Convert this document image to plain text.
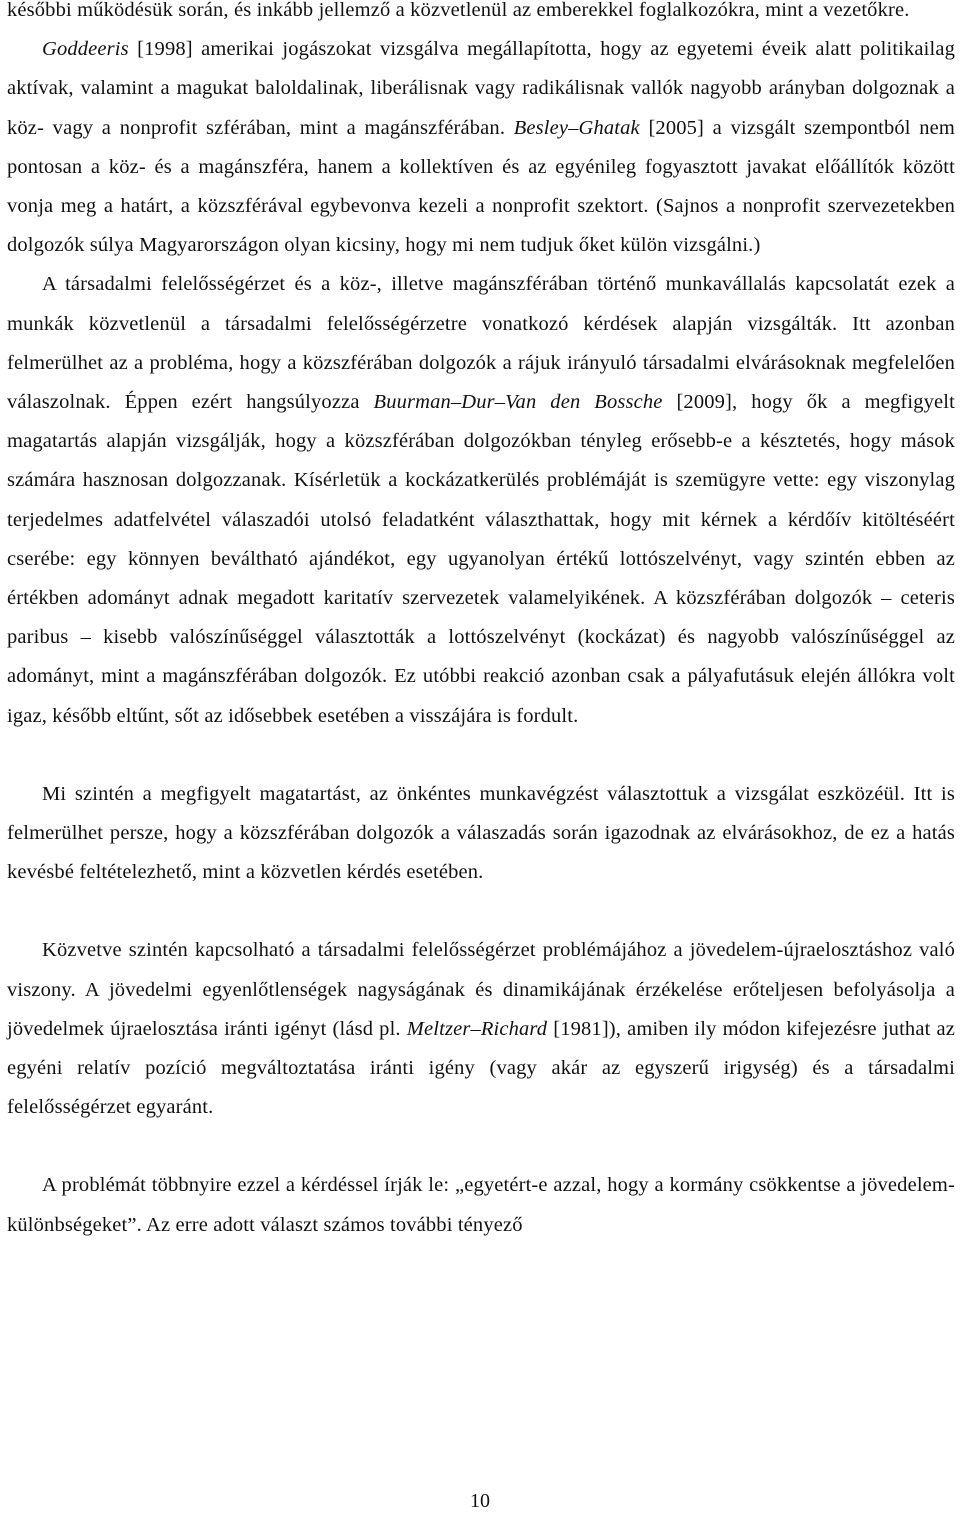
későbbi működésük során, és inkább jellemző a közvetlenül az emberekkel foglalkozókra, mint a vezetőkre.

Goddeeris [1998] amerikai jogászokat vizsgálva megállapította, hogy az egyetemi éveik alatt politikailag aktívak, valamint a magukat baloldalinak, liberálisnak vagy radikálisnak vallók nagyobb arányban dolgoznak a köz- vagy a nonprofit szférában, mint a magánszférában. Besley–Ghatak [2005] a vizsgált szempontból nem pontosan a köz- és a magánszféra, hanem a kollektíven és az egyénileg fogyasztott javakat előállítók között vonja meg a határt, a közszférával egybevonva kezeli a nonprofit szektort. (Sajnos a nonprofit szervezetekben dolgozók súlya Magyarországon olyan kicsiny, hogy mi nem tudjuk őket külön vizsgálni.)

A társadalmi felelősségérzet és a köz-, illetve magánszférában történő munkavállalás kapcsolatát ezek a munkák közvetlenül a társadalmi felelősségérzetre vonatkozó kérdések alapján vizsgálták. Itt azonban felmerülhet az a probléma, hogy a közszférában dolgozók a rájuk irányuló társadalmi elvárásoknak megfelelően válaszolnak. Éppen ezért hangsúlyozza Buurman–Dur–Van den Bossche [2009], hogy ők a megfigyelt magatartás alapján vizsgálják, hogy a közszférában dolgozókban tényleg erősebb-e a késztetés, hogy mások számára hasznosan dolgozzanak. Kísérletük a kockázatkerülés problémáját is szemügyre vette: egy viszonylag terjedelmes adatfelvétel válaszadói utolsó feladatként választhattak, hogy mit kérnek a kérdőív kitöltéséért cserébe: egy könnyen beváltható ajándékot, egy ugyanolyan értékű lottószelvényt, vagy szintén ebben az értékben adományt adnak megadott karitatív szervezetek valamelyikének. A közszférában dolgozók – ceteris paribus – kisebb valószínűséggel választották a lottószelvényt (kockázat) és nagyobb valószínűséggel az adományt, mint a magánszférában dolgozók. Ez utóbbi reakció azonban csak a pályafutásuk elején állókra volt igaz, később eltűnt, sőt az idősebbek esetében a visszájára is fordult.

Mi szintén a megfigyelt magatartást, az önkéntes munkavégzést választottuk a vizsgálat eszközéül. Itt is felmerülhet persze, hogy a közszférában dolgozók a válaszadás során igazodnak az elvárásokhoz, de ez a hatás kevésbé feltételezhető, mint a közvetlen kérdés esetében.

Közvetve szintén kapcsolható a társadalmi felelősségérzet problémájához a jövedelem-újraelosztáshoz való viszony. A jövedelmi egyenlőtlenségek nagyságának és dinamikájának érzékelése erőteljesen befolyásolja a jövedelmek újraelosztása iránti igényt (lásd pl. Meltzer–Richard [1981]), amiben ily módon kifejezésre juthat az egyéni relatív pozíció megváltoztatása iránti igény (vagy akár az egyszerű irigység) és a társadalmi felelősségérzet egyaránt.

A problémát többnyire ezzel a kérdéssel írják le: „egyetért-e azzal, hogy a kormány csökkentse a jövedelem-különbségeket”. Az erre adott választ számos további tényező

10
